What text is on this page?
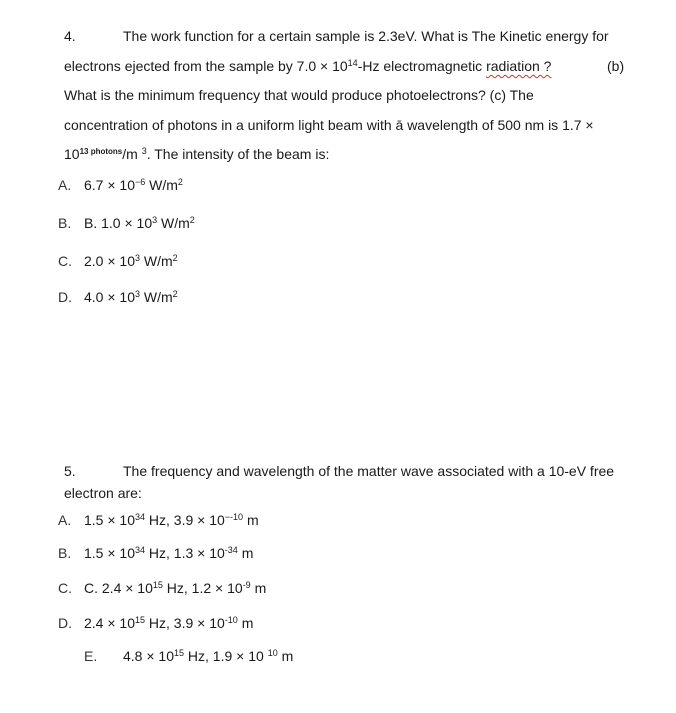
4.	The work function for a certain sample is 2.3eV. What is The Kinetic energy for
electrons ejected from the sample by $7.0 \times 10^{14}-Hz$ electromagnetic radiation ?	(b)
What is the minimum frequency that would produce photoelectrons? (c) The
concentration of photons in a uniform light beam with ā wavelength of 500 nm is 1.7 ×
$10^{13 photons}/m$ $^3$. The intensity of the beam is:
A. $6.7 \times 10^{-6}$ $W/m^2$
B. B. $1.0 \times 10^3$ $W/m^2$
C. $2.0 \times 10^3$ $W/m^2$
D. $4.0 \times 10^3$ $W/m^2$
5.	The frequency and wavelength of the matter wave associated with a 10-eV free
electron are:
A. $1.5 \times 10^{34}$ Hz, $3.9 \times 10^{--10}$ m
B. $1.5 \times 10^{34}$ Hz, $1.3 \times 10^{-34}$ m
C. C. $2.4 \times 10^{15}$ Hz, $1.2 \times 10^{-9}$ m
D. $2.4 \times 10^{15}$ Hz, $3.9 \times 10^{-10}$ m
E. $4.8 \times 10^{15}$ Hz, 1.9 × 10 $^{10}$ m
